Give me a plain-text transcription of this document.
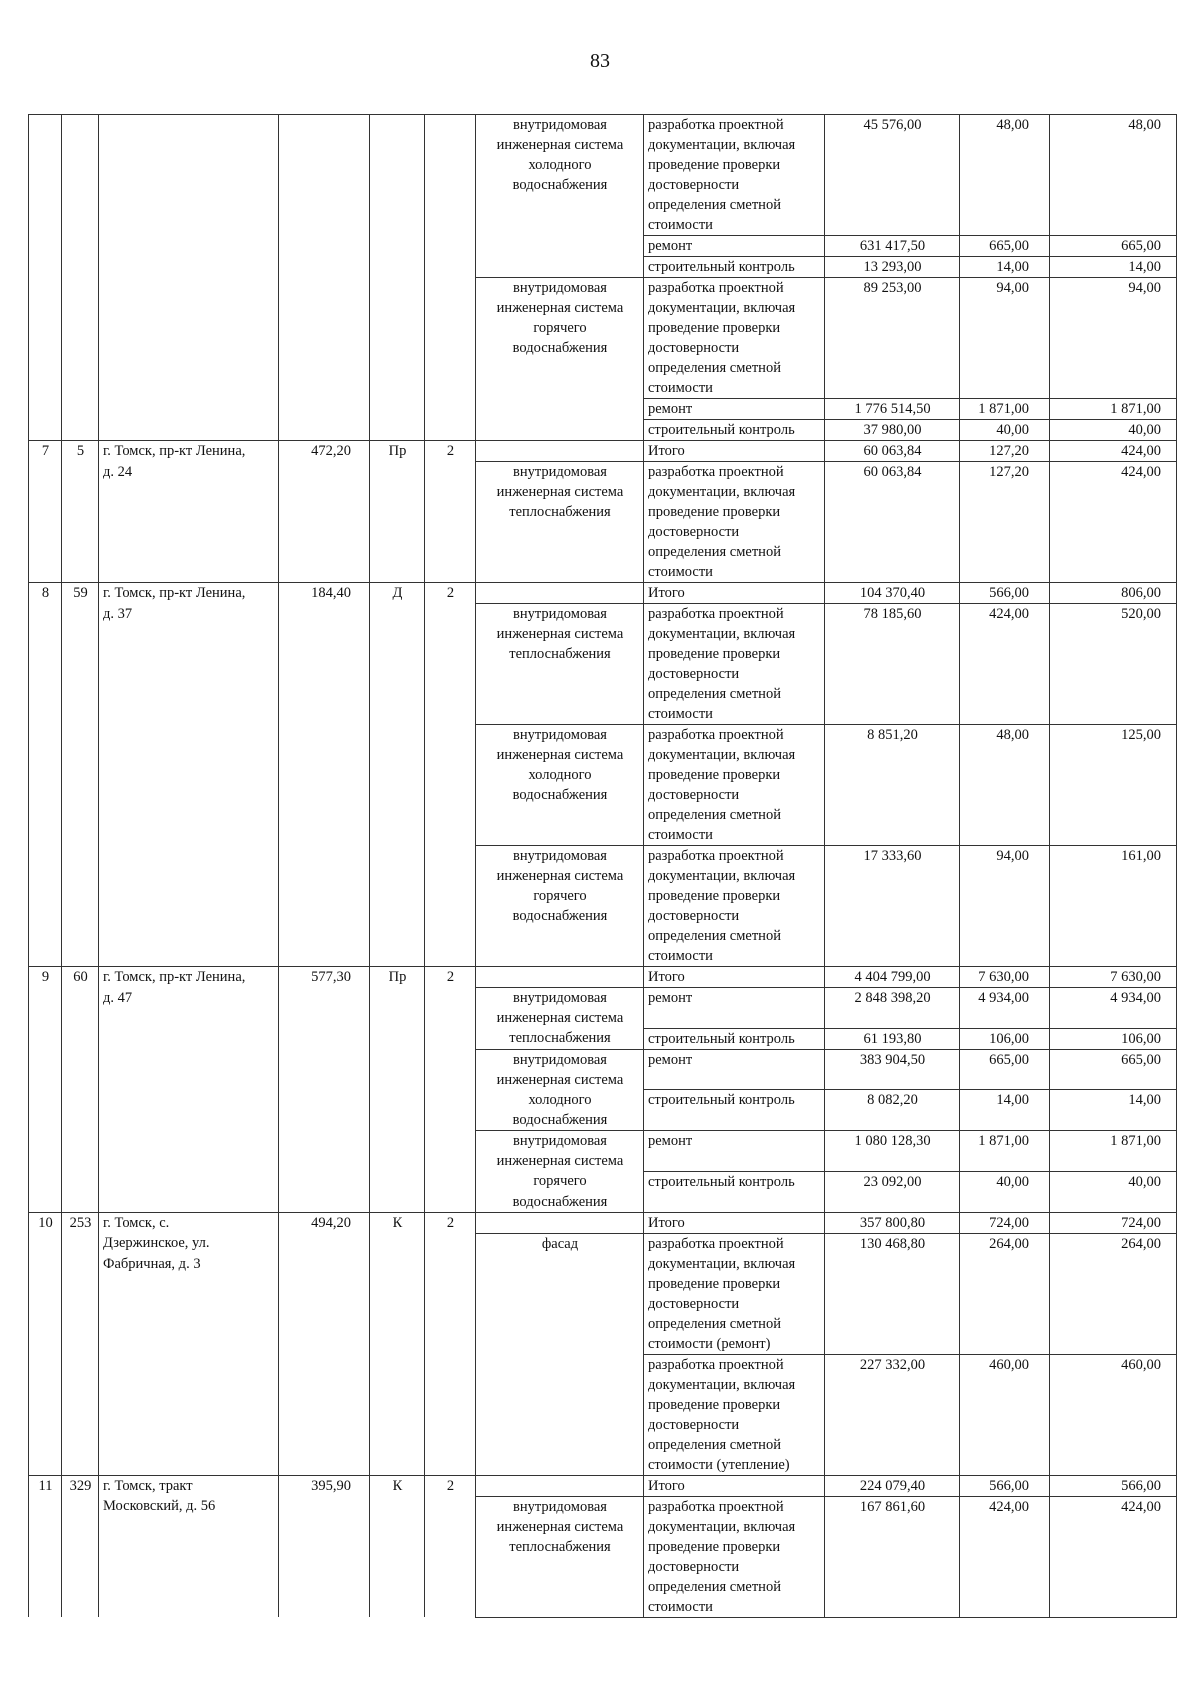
83
						внутридомовая	разработка проектной	45 576,00	48,00	48,00
						инженерная система	документации, включая			
						холодного	проведение проверки			
						водоснабжения	достоверности			
							определения сметной			
							стоимости			
							ремонт	631 417,50	665,00	665,00
							строительный контроль	13 293,00	14,00	14,00
						внутридомовая	разработка проектной	89 253,00	94,00	94,00
						инженерная система	документации, включая			
						горячего	проведение проверки			
						водоснабжения	достоверности			
							определения сметной			
							стоимости			
							ремонт	1 776 514,50	1 871,00	1 871,00
							строительный контроль	37 980,00	40,00	40,00
7	5	г. Томск, пр-кт Ленина,	472,20	Пр	2		Итого	60 063,84	127,20	424,00
		д. 24				внутридомовая	разработка проектной	60 063,84	127,20	424,00
						инженерная система	документации, включая			
						теплоснабжения	проведение проверки			
							достоверности			
							определения сметной			
							стоимости			
8	59	г. Томск, пр-кт Ленина,	184,40	Д	2		Итого	104 370,40	566,00	806,00
		д. 37				внутридомовая	разработка проектной	78 185,60	424,00	520,00
						инженерная система	документации, включая			
						теплоснабжения	проведение проверки			
							достоверности			
							определения сметной			
							стоимости			
						внутридомовая	разработка проектной	8 851,20	48,00	125,00
						инженерная система	документации, включая			
						холодного	проведение проверки			
						водоснабжения	достоверности			
							определения сметной			
							стоимости			
						внутридомовая	разработка проектной	17 333,60	94,00	161,00
						инженерная система	документации, включая			
						горячего	проведение проверки			
						водоснабжения	достоверности			
							определения сметной			
							стоимости			
9	60	г. Томск, пр-кт Ленина,	577,30	Пр	2		Итого	4 404 799,00	7 630,00	7 630,00
		д. 47				внутридомовая	ремонт	2 848 398,20	4 934,00	4 934,00
						инженерная система				
						теплоснабжения	строительный контроль	61 193,80	106,00	106,00
						внутридомовая	ремонт	383 904,50	665,00	665,00
						инженерная система				
						холодного	строительный контроль	8 082,20	14,00	14,00
						водоснабжения				
						внутридомовая	ремонт	1 080 128,30	1 871,00	1 871,00
						инженерная система				
						горячего	строительный контроль	23 092,00	40,00	40,00
						водоснабжения				
10	253	г. Томск, с.	494,20	К	2		Итого	357 800,80	724,00	724,00
		Дзержинское, ул.				фасад	разработка проектной	130 468,80	264,00	264,00
		Фабричная, д. 3					документации, включая			
							проведение проверки			
							достоверности			
							определения сметной			
							стоимости (ремонт)			
							разработка проектной	227 332,00	460,00	460,00
							документации, включая			
							проведение проверки			
							достоверности			
							определения сметной			
							стоимости (утепление)			
11	329	г. Томск, тракт	395,90	К	2		Итого	224 079,40	566,00	566,00
		Московский, д. 56				внутридомовая	разработка проектной	167 861,60	424,00	424,00
						инженерная система	документации, включая			
						теплоснабжения	проведение проверки			
							достоверности			
							определения сметной			
							стоимости			
